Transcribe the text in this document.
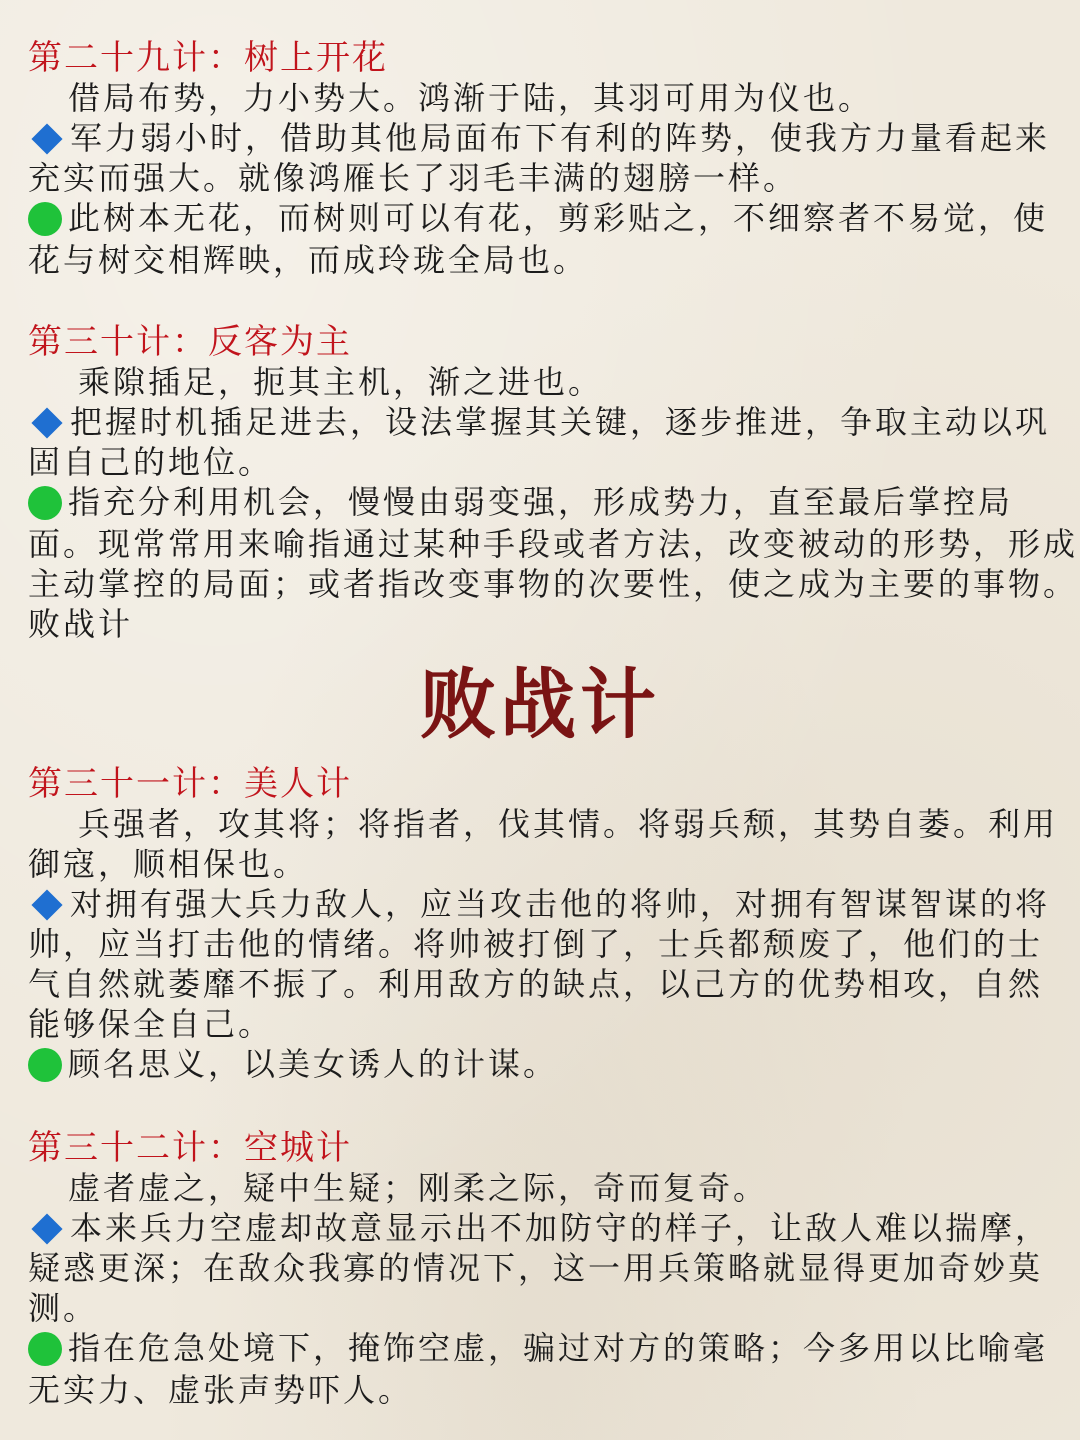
第二十九计：树上开花
借局布势，力小势大。鸿渐于陆，其羽可用为仪也。
军力弱小时，借助其他局面布下有利的阵势，使我方力量看起来
充实而强大。就像鸿雁长了羽毛丰满的翅膀一样。
此树本无花，而树则可以有花，剪彩贴之，不细察者不易觉，使
花与树交相辉映，而成玲珑全局也。
第三十计：反客为主
乘隙插足，扼其主机，渐之进也。
把握时机插足进去，设法掌握其关键，逐步推进，争取主动以巩
固自己的地位。
指充分利用机会，慢慢由弱变强，形成势力，直至最后掌控局
面。现常常用来喻指通过某种手段或者方法，改变被动的形势，形成
主动掌控的局面；或者指改变事物的次要性，使之成为主要的事物。
败战计
败战计
第三十一计：美人计
兵强者，攻其将；将指者，伐其情。将弱兵颓，其势自萎。利用
御寇，顺相保也。
对拥有强大兵力敌人，应当攻击他的将帅，对拥有智谋智谋的将
帅，应当打击他的情绪。将帅被打倒了，士兵都颓废了，他们的士
气自然就萎靡不振了。利用敌方的缺点，以己方的优势相攻，自然
能够保全自己。
顾名思义，以美女诱人的计谋。
第三十二计：空城计
虚者虚之，疑中生疑；刚柔之际，奇而复奇。
本来兵力空虚却故意显示出不加防守的样子，让敌人难以揣摩，
疑惑更深；在敌众我寡的情况下，这一用兵策略就显得更加奇妙莫
测。
指在危急处境下，掩饰空虚，骗过对方的策略；今多用以比喻毫
无实力、虚张声势吓人。
